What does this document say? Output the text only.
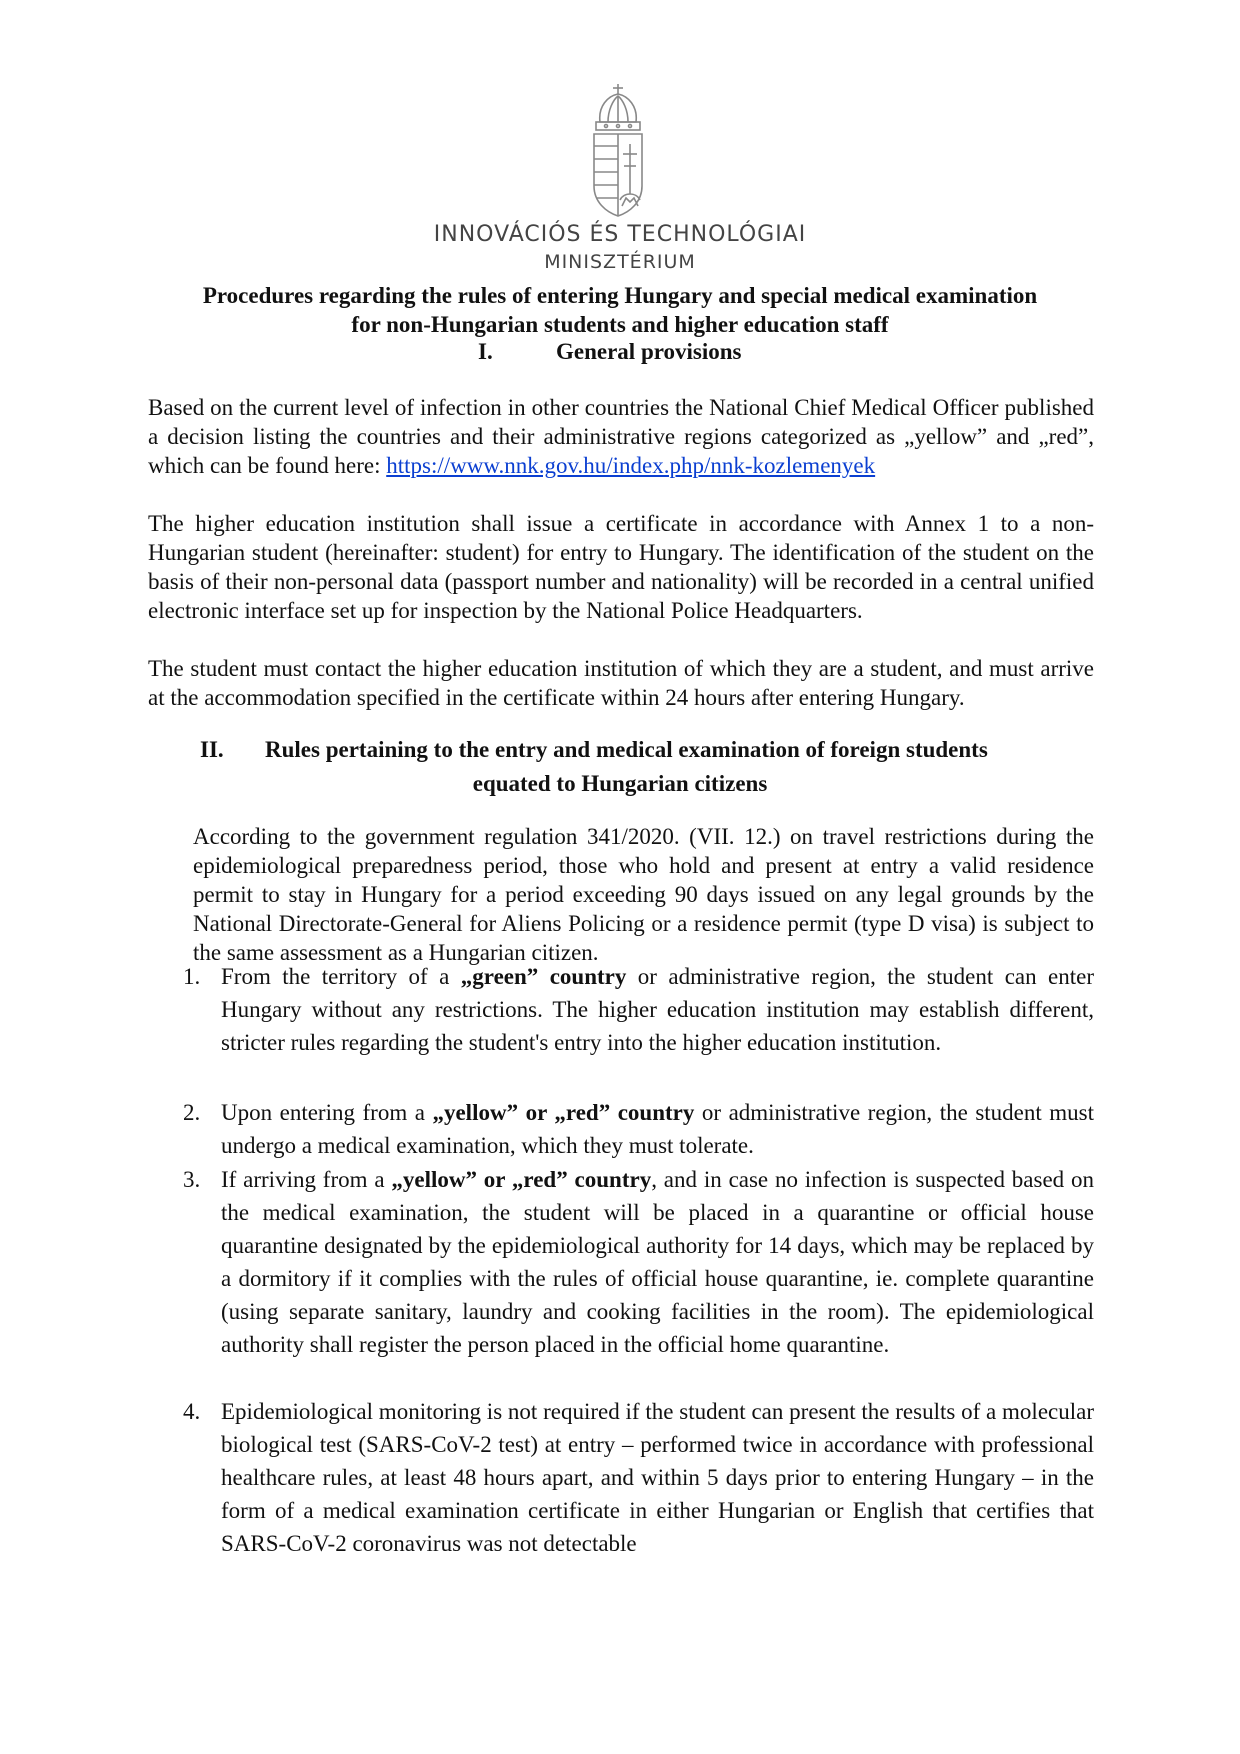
INNOVÁCIÓS ÉS TECHNOLÓGIAI
MINISZTÉRIUM
Procedures regarding the rules of entering Hungary and special medical examination
for non-Hungarian students and higher education staff
I.	General provisions

Based on the current level of infection in other countries the National Chief Medical Officer published a decision listing the countries and their administrative regions categorized as „yellow” and „red”, which can be found here: https://www.nnk.gov.hu/index.php/nnk-kozlemenyek

The higher education institution shall issue a certificate in accordance with Annex 1 to a non-Hungarian student (hereinafter: student) for entry to Hungary. The identification of the student on the basis of their non-personal data (passport number and nationality) will be recorded in a central unified electronic interface set up for inspection by the National Police Headquarters.

The student must contact the higher education institution of which they are a student, and must arrive at the accommodation specified in the certificate within 24 hours after entering Hungary.

II. Rules pertaining to the entry and medical examination of foreign students
equated to Hungarian citizens

According to the government regulation 341/2020. (VII. 12.) on travel restrictions during the epidemiological preparedness period, those who hold and present at entry a valid residence permit to stay in Hungary for a period exceeding 90 days issued on any legal grounds by the National Directorate-General for Aliens Policing or a residence permit (type D visa) is subject to the same assessment as a Hungarian citizen.

1. From the territory of a „green” country or administrative region, the student can enter Hungary without any restrictions. The higher education institution may establish different, stricter rules regarding the student's entry into the higher education institution.
2. Upon entering from a „yellow” or „red” country or administrative region, the student must undergo a medical examination, which they must tolerate.
3. If arriving from a „yellow” or „red” country, and in case no infection is suspected based on the medical examination, the student will be placed in a quarantine or official house quarantine designated by the epidemiological authority for 14 days, which may be replaced by a dormitory if it complies with the rules of official house quarantine, ie. complete quarantine (using separate sanitary, laundry and cooking facilities in the room). The epidemiological authority shall register the person placed in the official home quarantine.
4. Epidemiological monitoring is not required if the student can present the results of a molecular biological test (SARS-CoV-2 test) at entry – performed twice in accordance with professional healthcare rules, at least 48 hours apart, and within 5 days prior to entering Hungary – in the form of a medical examination certificate in either Hungarian or English that certifies that SARS-CoV-2 coronavirus was not detectable
